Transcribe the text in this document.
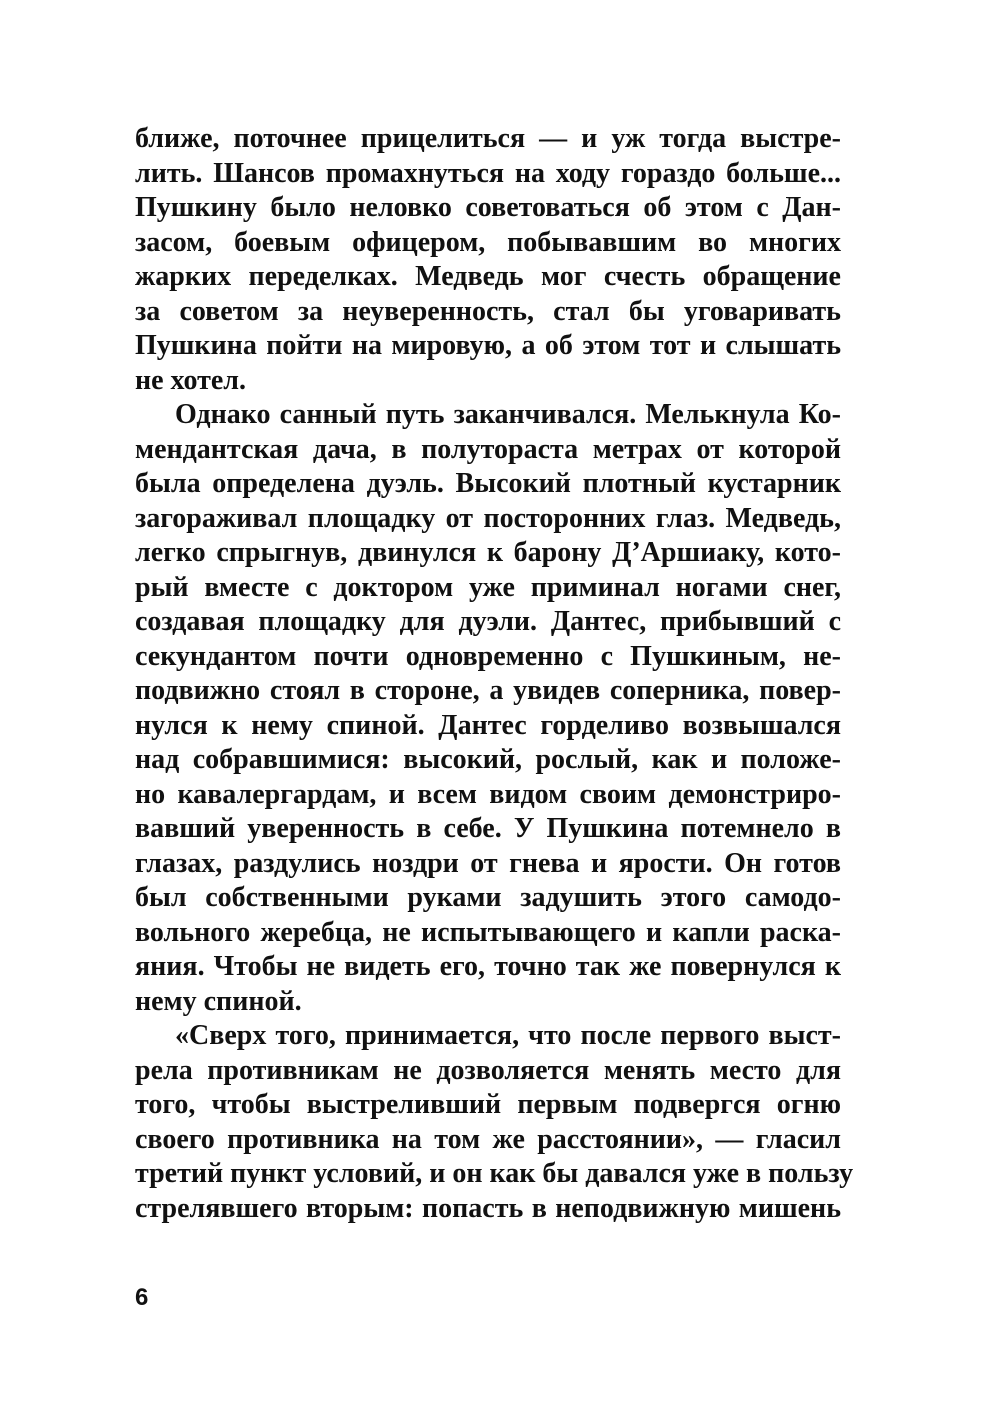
ближе, поточнее прицелиться — и уж тогда выстре-
лить. Шансов промахнуться на ходу гораздо больше...
Пушкину было неловко советоваться об этом с Дан-
засом, боевым офицером, побывавшим во многих
жарких переделках. Медведь мог счесть обращение
за советом за неуверенность, стал бы уговаривать
Пушкина пойти на мировую, а об этом тот и слышать
не хотел.
Однако санный путь заканчивался. Мелькнула Ко-
мендантская дача, в полутораста метрах от которой
была определена дуэль. Высокий плотный кустарник
загораживал площадку от посторонних глаз. Медведь,
легко спрыгнув, двинулся к барону Д’Аршиаку, кото-
рый вместе с доктором уже приминал ногами снег,
создавая площадку для дуэли. Дантес, прибывший с
секундантом почти одновременно с Пушкиным, не-
подвижно стоял в стороне, а увидев соперника, повер-
нулся к нему спиной. Дантес горделиво возвышался
над собравшимися: высокий, рослый, как и положе-
но кавалергардам, и всем видом своим демонстриро-
вавший уверенность в себе. У Пушкина потемнело в
глазах, раздулись ноздри от гнева и ярости. Он готов
был собственными руками задушить этого самодо-
вольного жеребца, не испытывающего и капли раска-
яния. Чтобы не видеть его, точно так же повернулся к
нему спиной.
«Сверх того, принимается, что после первого выст-
рела противникам не дозволяется менять место для
того, чтобы выстреливший первым подвергся огню
своего противника на том же расстоянии», — гласил
третий пункт условий, и он как бы давался уже в пользу
стрелявшего вторым: попасть в неподвижную мишень
6
